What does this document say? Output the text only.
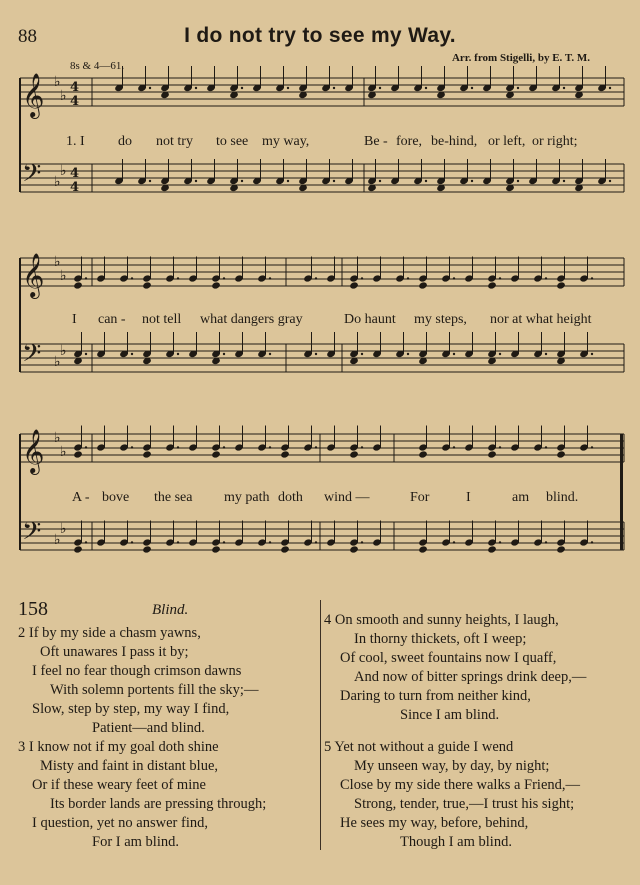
88	I do not try to see my Way.
8s & 4—61.
Arr. from Stigelli, by E. T. M.
𝄞 ♭
♭
4
4
𝄢 ♭
♭ 4
4
𝄞 ♭
♭
𝄢 ♭
♭
𝄞 ♭
♭
𝄢 ♭
♭
1. I do not try to see my way,	Be - fore, be-hind, or left, or right;
I can - not tell what dangers gray	Do haunt my steps, nor at what height
A - bove the sea my path doth wind —	For	I	am blind.
158	Blind.
2 If by my side a chasm yawns,
Oft unawares I pass it by;
I feel no fear though crimson dawns
With solemn portents fill the sky;—
Slow, step by step, my way I find,
Patient—and blind.
3 I know not if my goal doth shine
Misty and faint in distant blue,
Or if these weary feet of mine
Its border lands are pressing through;
I question, yet no answer find,
For I am blind.
4 On smooth and sunny heights, I laugh,
In thorny thickets, oft I weep;
Of cool, sweet fountains now I quaff,
And now of bitter springs drink deep,—
Daring to turn from neither kind,
Since I am blind.
5 Yet not without a guide I wend
My unseen way, by day, by night;
Close by my side there walks a Friend,—
Strong, tender, true,—I trust his sight;
He sees my way, before, behind,
Though I am blind.
